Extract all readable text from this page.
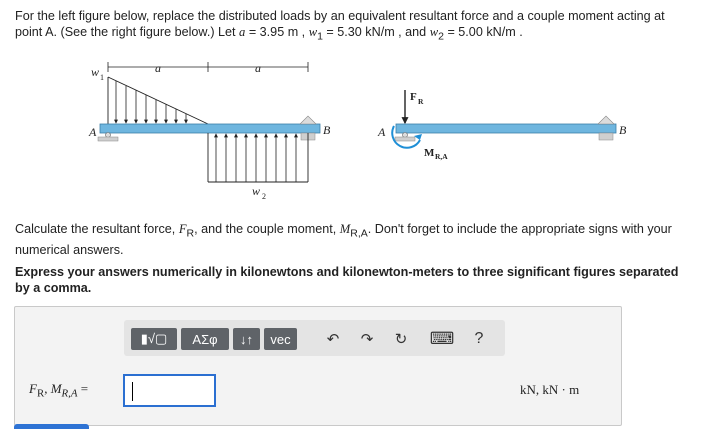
For the left figure below, replace the distributed loads by an equivalent resultant force and a couple moment acting at point A. (See the right figure below.) Let a = 3.95 m , $w_1 = 5.30$ kN/m , and $w_2 = 5.00$ kN/m .
a	a
w 1
A	B
w 2
F R
A
M R,A
B
Calculate the resultant force, $F_R$, and the couple moment, $M_{R,A}$. Don't forget to include the appropriate signs with your numerical answers.
Express your answers numerically in kilonewtons and kilonewton-meters to three significant figures separated by a comma.
▮√▢ ΑΣφ ↓↑ vec ↶ ↷ ↻ ⌨ ?
$F_R$, $M_{R,A}$ =	kN, kN · m
